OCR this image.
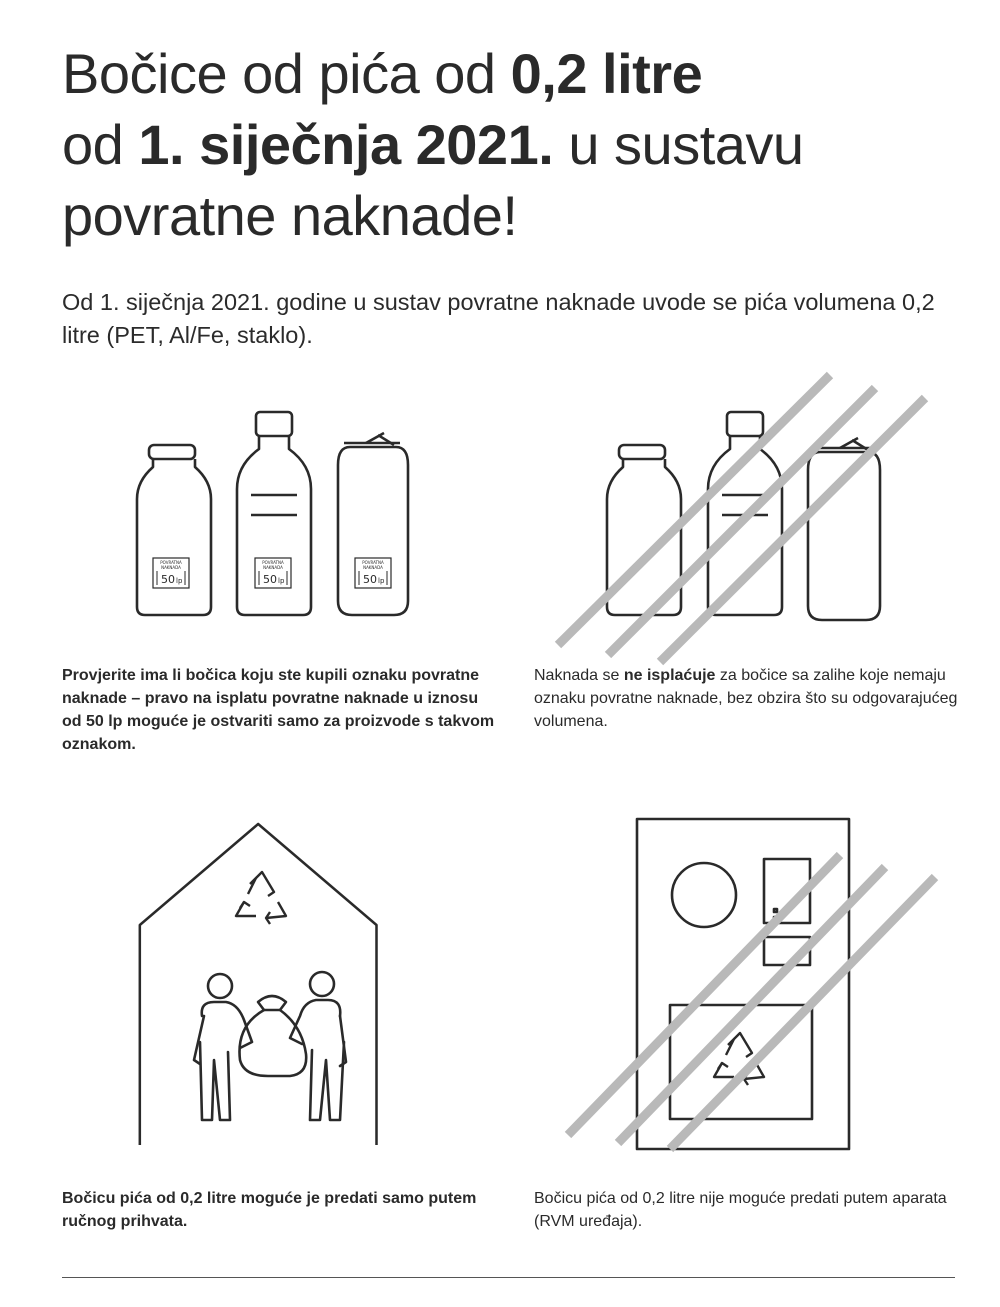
Bočice od pića od 0,2 litre
od 1. siječnja 2021. u sustavu
povratne naknade!

Od 1. siječnja 2021. godine u sustav povratne naknade uvode se pića volumena 0,2 litre (PET, Al/Fe, staklo).

POVRATNA
NAKNADA
50 lp

Provjerite ima li bočica koju ste kupili oznaku povratne naknade – pravo na isplatu povratne naknade u iznosu od 50 lp moguće je ostvariti samo za proizvode s takvom oznakom.

Naknada se ne isplaćuje za bočice sa zalihe koje nemaju oznaku povratne naknade, bez obzira što su odgovarajućeg volumena.

Bočicu pića od 0,2 litre moguće je predati samo putem ručnog prihvata.

Bočicu pića od 0,2 litre nije moguće predati putem aparata (RVM uređaja).
